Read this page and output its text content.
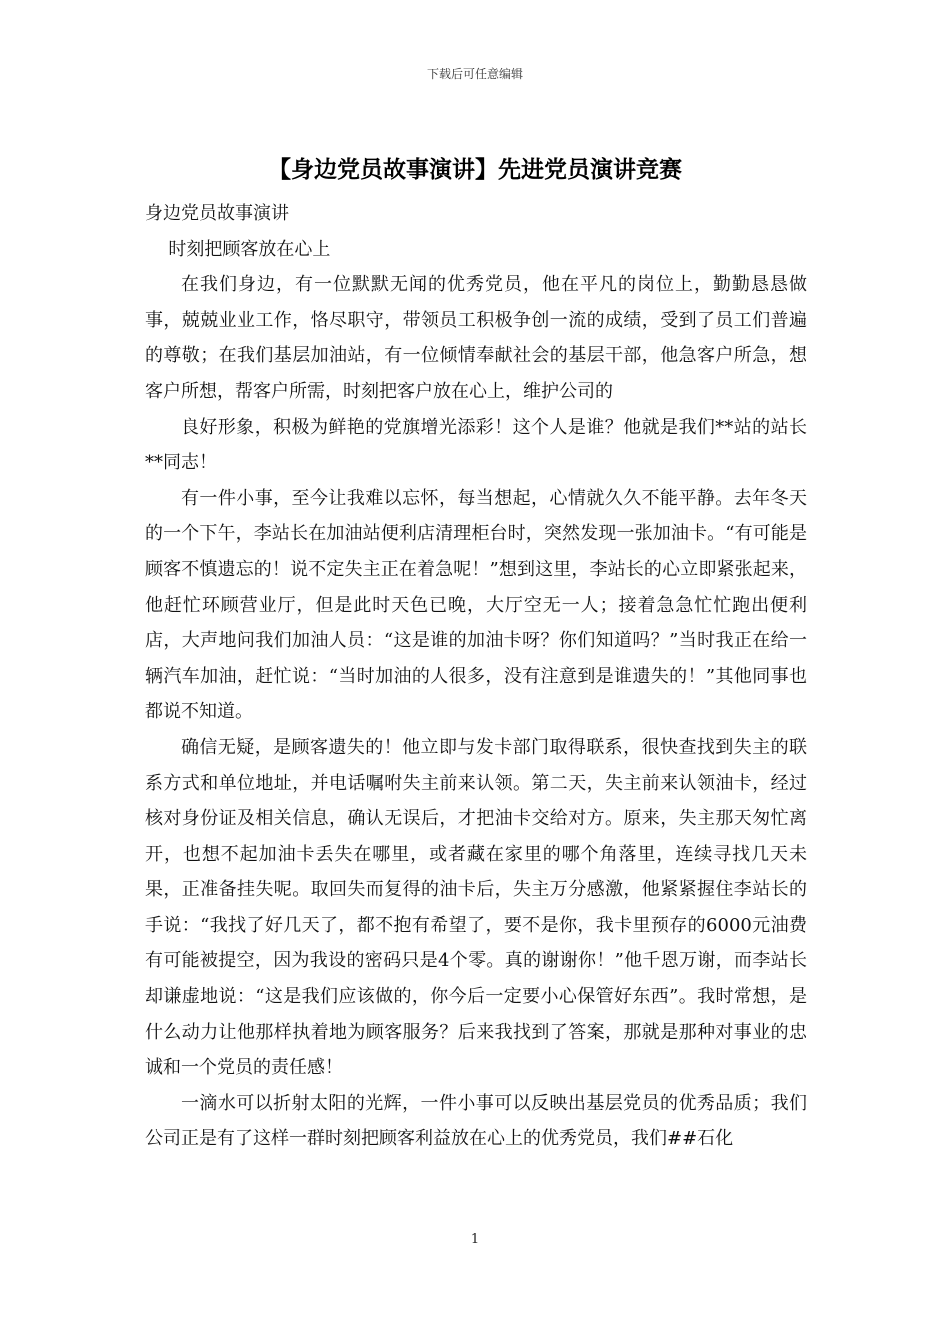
下载后可任意编辑
【身边党员故事演讲】先进党员演讲竞赛

身边党员故事演讲

时刻把顾客放在心上

在我们身边，有一位默默无闻的优秀党员，他在平凡的岗位上，勤勤恳恳做事，兢兢业业工作，恪尽职守，带领员工积极争创一流的成绩，受到了员工们普遍的尊敬；在我们基层加油站，有一位倾情奉献社会的基层干部，他急客户所急，想客户所想，帮客户所需，时刻把客户放在心上，维护公司的

良好形象，积极为鲜艳的党旗增光添彩！这个人是谁？他就是我们**站的站长**同志！

有一件小事，至今让我难以忘怀，每当想起，心情就久久不能平静。去年冬天的一个下午，李站长在加油站便利店清理柜台时，突然发现一张加油卡。“有可能是顾客不慎遗忘的！说不定失主正在着急呢！”想到这里，李站长的心立即紧张起来，他赶忙环顾营业厅，但是此时天色已晚，大厅空无一人；接着急急忙忙跑出便利店，大声地问我们加油人员：“这是谁的加油卡呀？你们知道吗？”当时我正在给一辆汽车加油，赶忙说：“当时加油的人很多，没有注意到是谁遗失的！”其他同事也都说不知道。

确信无疑，是顾客遗失的！他立即与发卡部门取得联系，很快查找到失主的联系方式和单位地址，并电话嘱咐失主前来认领。第二天，失主前来认领油卡，经过核对身份证及相关信息，确认无误后，才把油卡交给对方。原来，失主那天匆忙离开，也想不起加油卡丢失在哪里，或者藏在家里的哪个角落里，连续寻找几天未果，正准备挂失呢。取回失而复得的油卡后，失主万分感激，他紧紧握住李站长的手说：“我找了好几天了，都不抱有希望了，要不是你，我卡里预存的6000元油费有可能被提空，因为我设的密码只是4个零。真的谢谢你！”他千恩万谢，而李站长却谦虚地说：“这是我们应该做的，你今后一定要小心保管好东西”。我时常想，是什么动力让他那样执着地为顾客服务？后来我找到了答案，那就是那种对事业的忠诚和一个党员的责任感！

一滴水可以折射太阳的光辉，一件小事可以反映出基层党员的优秀品质；我们公司正是有了这样一群时刻把顾客利益放在心上的优秀党员，我们##石化

1
